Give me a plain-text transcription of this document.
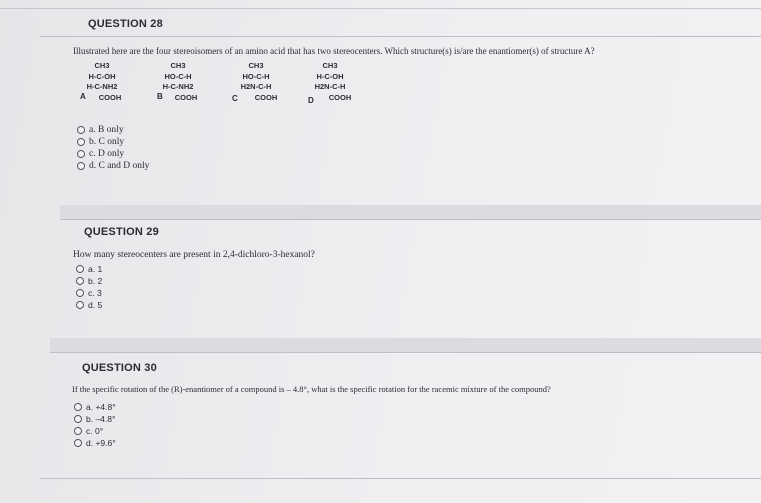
QUESTION 28
Illustrated here are the four stereoisomers of an amino acid that has two stereocenters. Which structure(s) is/are the enantiomer(s) of structure A?
CH3
H-C-OH
H-C-NH2
COOH
A
CH3
HO-C-H
H-C-NH2
COOH
B
CH3
HO-C-H
H2N-C-H
COOH
C
CH3
H-C-OH
H2N-C-H
COOH
D
a. B only
b. C only
c. D only
d. C and D only
QUESTION 29
How many stereocenters are present in 2,4-dichloro-3-hexanol?
a. 1
b. 2
c. 3
d. 5
QUESTION 30
If the specific rotation of the (R)-enantiomer of a compound is – 4.8°, what is the specific rotation for the racemic mixture of the compound?
a. +4.8°
b. –4.8°
c. 0°
d. +9.6°
